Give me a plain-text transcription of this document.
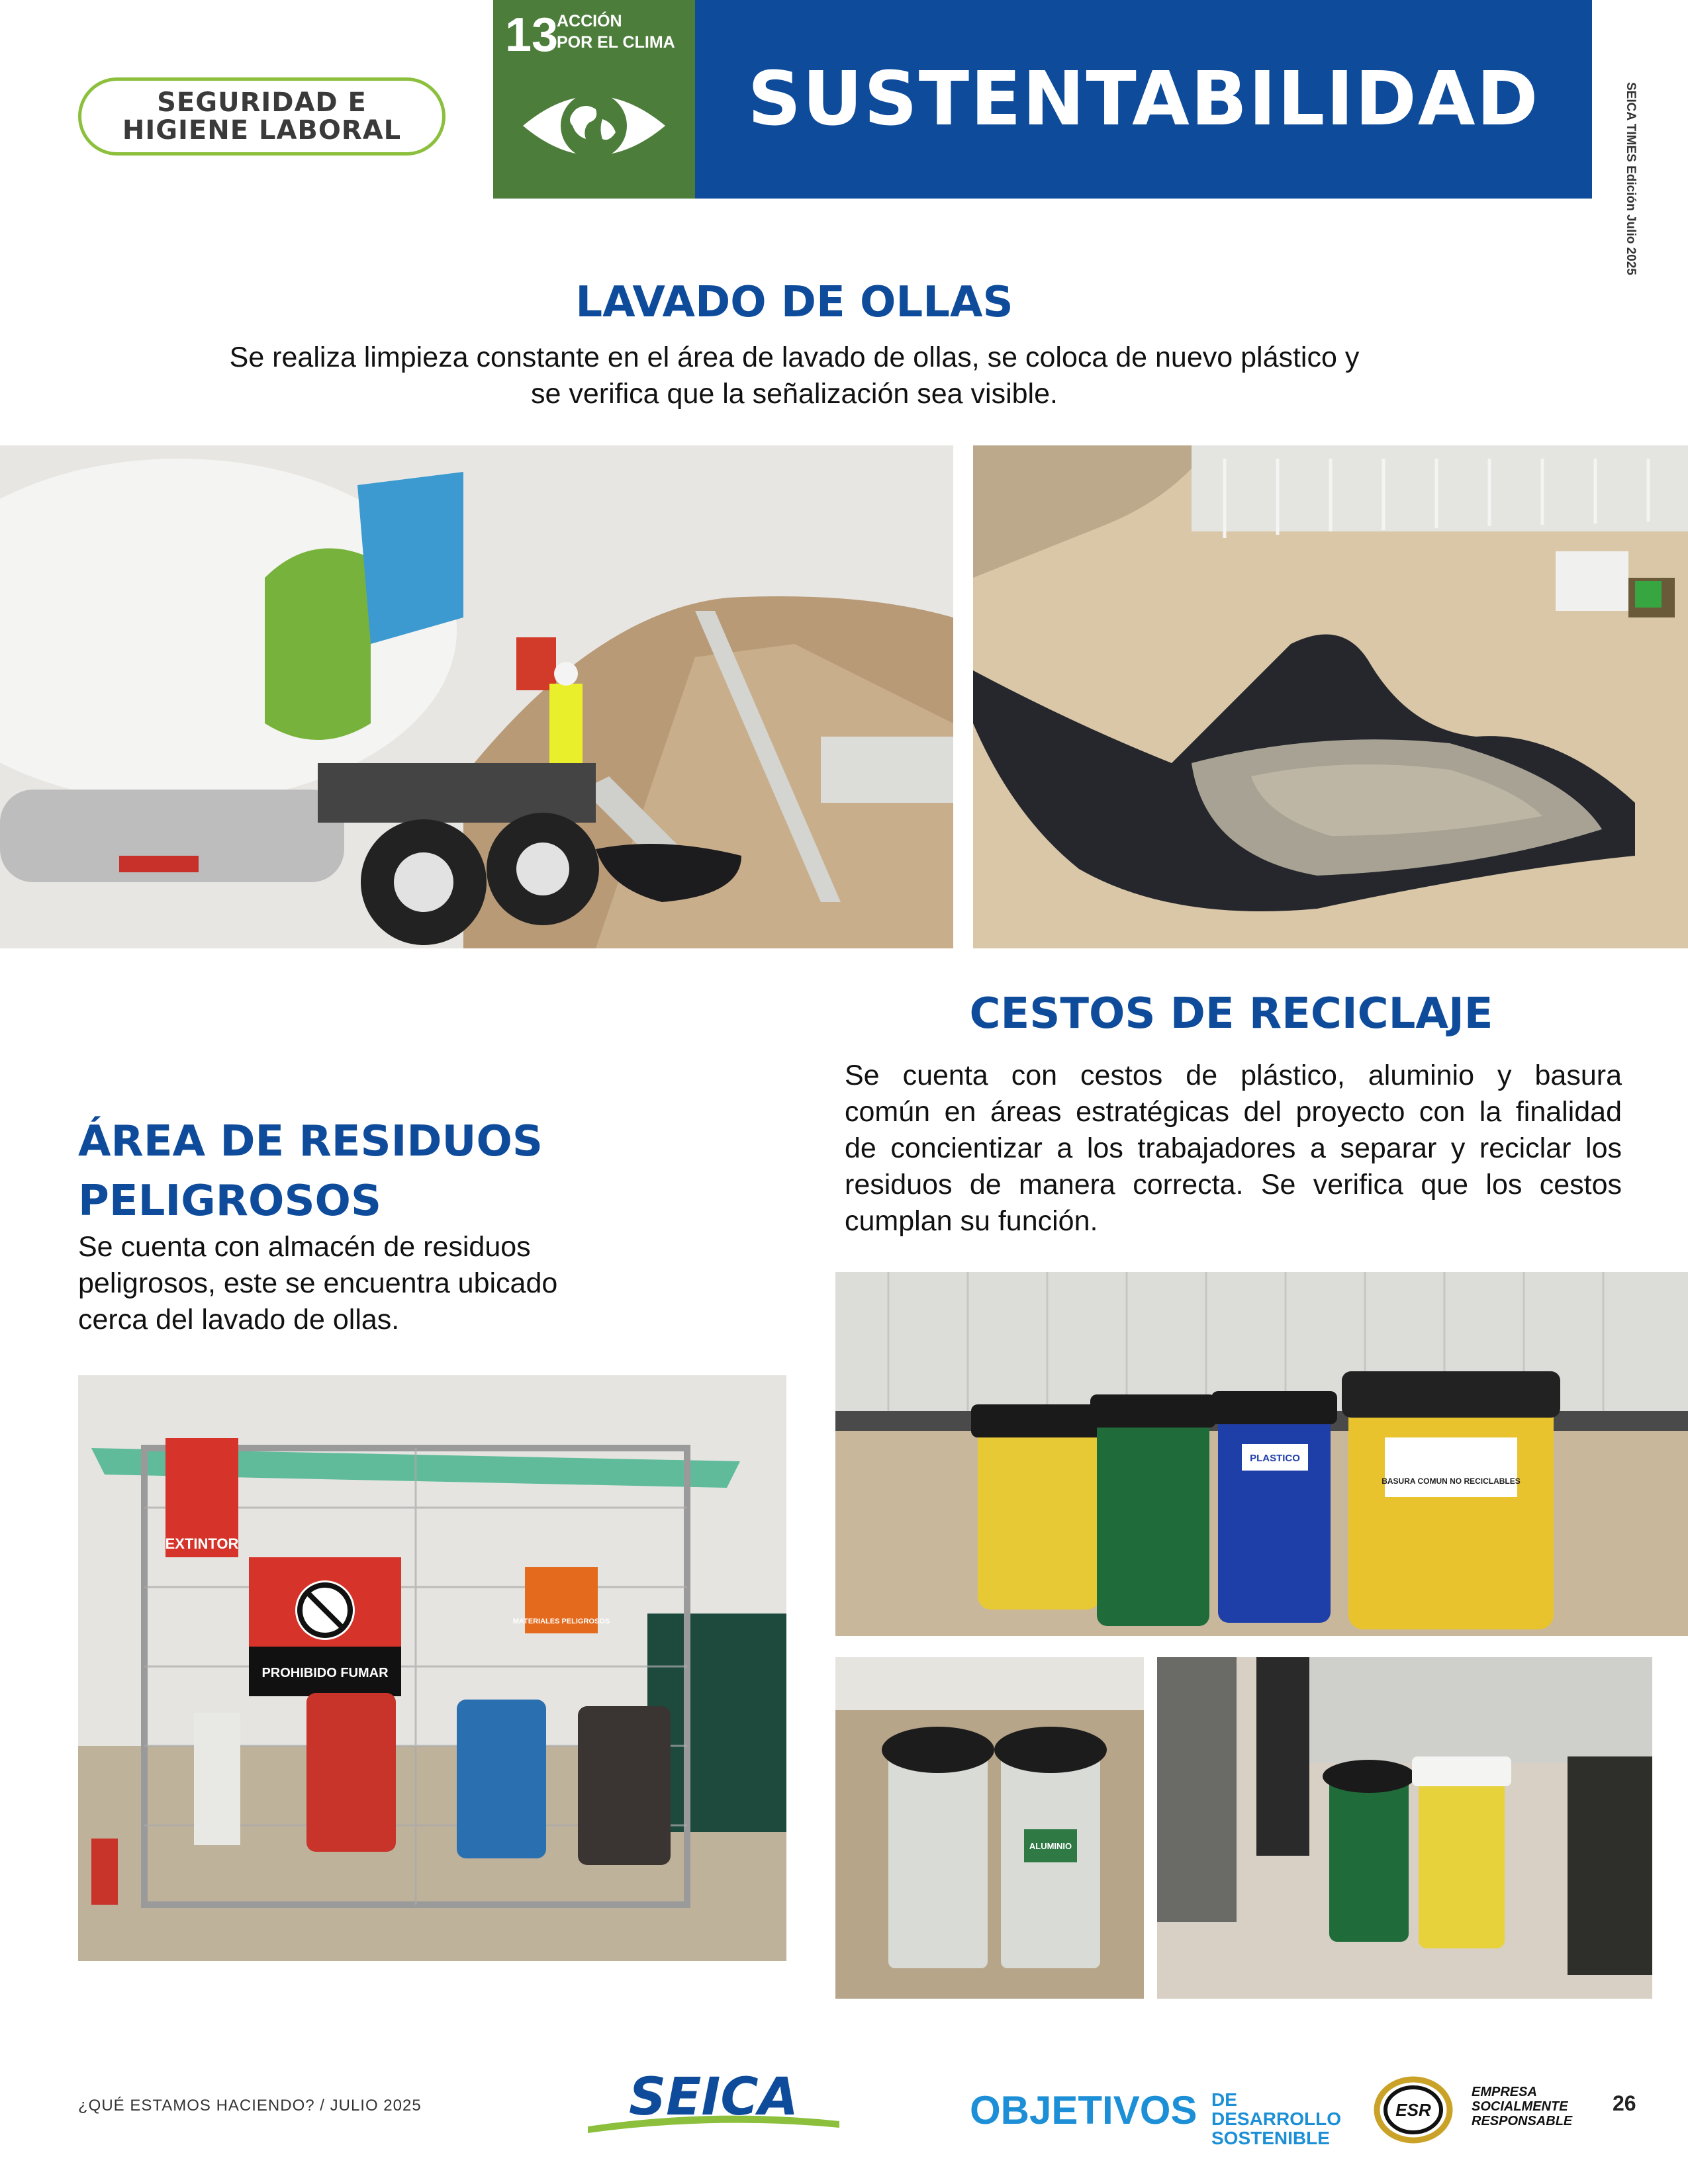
SEGURIDAD E
HIGIENE LABORAL
13
ACCIÓN
POR EL CLIMA
SUSTENTABILIDAD	SEICA TIMES Edición Julio 2025
LAVADO DE OLLAS
Se realiza limpieza constante en el área de lavado de ollas, se coloca de nuevo plástico y
se verifica que la señalización sea visible.
CESTOS DE RECICLAJE
Se cuenta con cestos de plástico, aluminio y basura
común en áreas estratégicas del proyecto con la finalidad
de concientizar a los trabajadores a separar y reciclar los
residuos de manera correcta. Se verifica que los cestos
cumplan su función.
ÁREA DE RESIDUOS
PELIGROSOS
Se cuenta con almacén de residuos
peligrosos, este se encuentra ubicado
cerca del lavado de ollas.
EXTINTOR
PROHIBIDO FUMAR
MATERIALES PELIGROSOS
PLASTICO
BASURA COMUN NO RECICLABLES
ALUMINIO
¿QUÉ ESTAMOS HACIENDO? / JULIO 2025	SEICA	OBJETIVOS DE DESARROLLO
SOSTENIBLE
ESR
EMPRESA
SOCIALMENTE
RESPONSABLE
26
